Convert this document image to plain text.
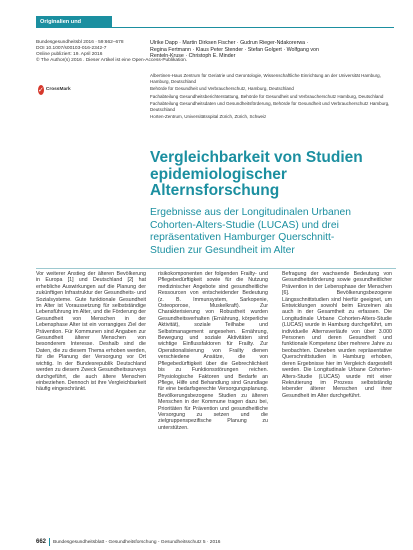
Originalien und Übersichten
Bundesgesundheitsbl 2016 · 59:662–678
DOI 10.1007/s00103-016-2342-7
Online publiziert: 19. April 2016
© The Author(s) 2016 . Dieser Artikel ist eine Open-Access-Publikation.
✓ CrossMark
Ulrike Dapp · Martin Dirksen Fischer · Gudrun Rieger-Ndakorerwa ·
Regina Fertmann · Klaus Peter Stender · Stefan Golgert · Wolfgang von
Renteln-Kruse · Christoph E. Minder
Albertinen-Haus Zentrum für Geriatrie und Gerontologie, Wissenschaftliche Einrichtung an der Universität Hamburg, Hamburg, Deutschland
Behörde für Gesundheit und Verbraucherschutz, Hamburg, Deutschland
Fachabteilung Gesundheitsberichterstattung, Behörde für Gesundheit und Verbraucherschutz Hamburg, Deutschland
Fachabteilung Gesundheitsdaten und Gesundheitsförderung, Behörde für Gesundheit und Verbraucherschutz Hamburg, Deutschland
Horten-Zentrum, Universitätsspital Zürich, Zürich, Schweiz
Vergleichbarkeit von Studien
epidemiologischer
Alternsforschung
Ergebnisse aus der Longitudinalen Urbanen
Cohorten-Alters-Studie (LUCAS) und drei
repräsentativen Hamburger Querschnitt-
Studien zur Gesundheit im Alter

Vor weiterer Anstieg der älteren Bevölkerung in Europa [1] und Deutschland [2] hat erhebliche Auswirkungen auf die Planung der zukünftigen Infrastruktur der Gesundheits- und Sozialsysteme. Gute funktionale Gesundheit im Alter ist Voraussetzung für selbstständige Lebensführung im Alter, und die Förderung der Gesundheit von Menschen in der Lebensphase Alter ist ein vorrangiges Ziel der Prävention. Für Kommunen sind Angaben zur Gesundheit älterer Menschen von besonderem Interesse. Deshalb sind die Daten, die zu diesem Thema erhoben werden, für die Planung der Versorgung vor Ort wichtig. In der Bundesrepublik Deutschland werden zu diesem Zweck Gesundheitssurveys durchgeführt, die auch ältere Menschen einbeziehen. Dennoch ist ihre Vergleichbarkeit häufig eingeschränkt.

risikokomponenten der folgenden Frailty- und Pflegebedürftigkeit sowie für die Nutzung medizinischer Angebote sind gesundheitliche Ressourcen von entscheidender Bedeutung (z. B. Immunsystem, Sarkopenie, Osteoporose, Muskelkraft). Zur Charakterisierung von Robustheit wurden Gesundheitsverhalten (Ernährung, körperliche Aktivität), soziale Teilhabe und Selbstmanagement angesehen. Ernährung, Bewegung und soziale Aktivitäten sind wichtige Einflussfaktoren für Frailty. Zur Operationalisierung von Frailty dienen verschiedene Ansätze, die von Pflegebedürftigkeit über die Gebrechlichkeit bis zu Funktionsstörungen reichen. Physiologische Faktoren und Bedarfe an Pflege, Hilfe und Behandlung sind Grundlage für eine bedarfsgerechte Versorgungsplanung. Bevölkerungsbezogene Studien zu älteren Menschen in der Kommune tragen dazu bei, Prioritäten für Prävention und gesundheitliche Versorgung zu setzen und die zielgruppenspezifische Planung zu unterstützen.

Befragung der wachsende Bedeutung von Gesundheitsförderung sowie gesundheitlicher Prävention in der Lebensphase der Menschen [6]. Bevölkerungsbezogene Längsschnittstudien sind hierfür geeignet, um Entwicklungen sowohl beim Einzelnen als auch in der Gesamtheit zu erfassen. Die Longitudinale Urbane Cohorten-Alters-Studie (LUCAS) wurde in Hamburg durchgeführt, um individuelle Alternsverläufe von über 3.000 Personen und deren Gesundheit und funktionale Kompetenz über mehrere Jahre zu beobachten. Daneben wurden repräsentative Querschnittstudien in Hamburg erhoben, deren Ergebnisse hier im Vergleich dargestellt werden. Die Longitudinale Urbane Cohorten-Alters-Studie (LUCAS) wurde mit einer Rekrutierung im Prozess selbstständig lebender älterer Menschen und ihrer Gesundheit im Alter durchgeführt.

662 Bundesgesundheitsblatt - Gesundheitsforschung - Gesundheitsschutz 5 · 2016
